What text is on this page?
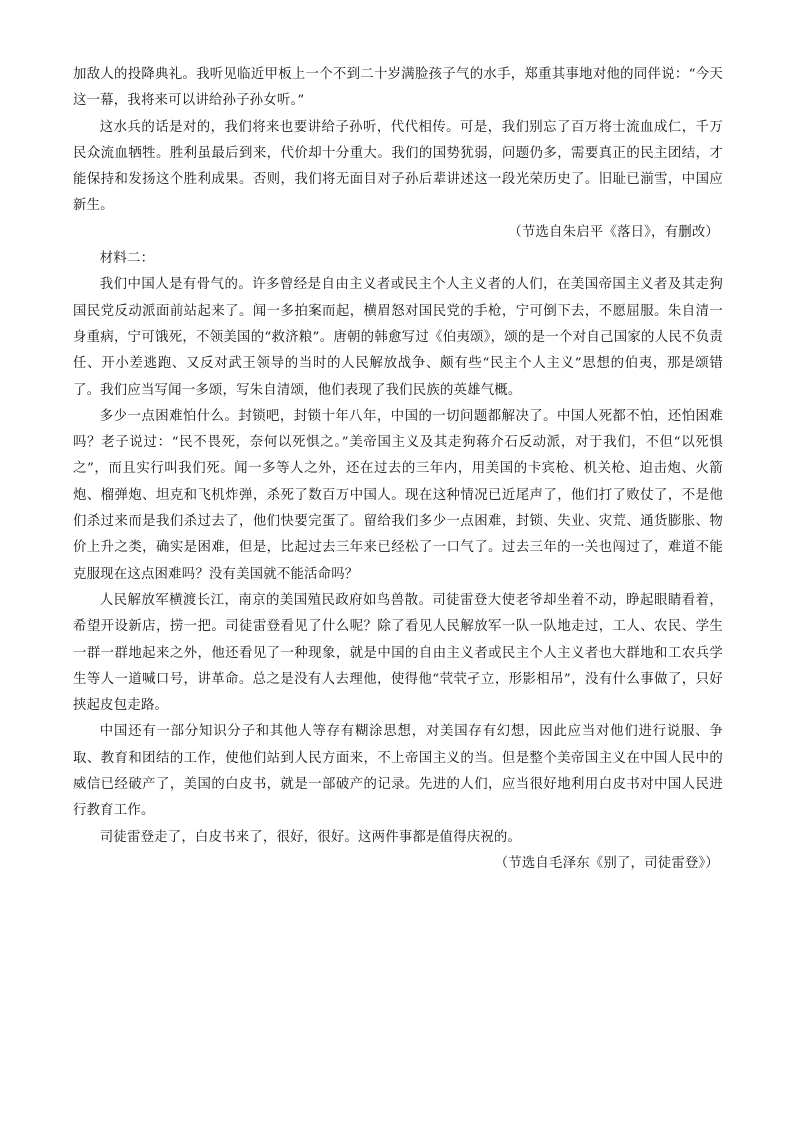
加敌人的投降典礼。我听见临近甲板上一个不到二十岁满脸孩子气的水手，郑重其事地对他的同伴说：“今天这一幕，我将来可以讲给孙子孙女听。”

这水兵的话是对的，我们将来也要讲给子孙听，代代相传。可是，我们别忘了百万将士流血成仁，千万民众流血牺牲。胜利虽最后到来，代价却十分重大。我们的国势犹弱，问题仍多，需要真正的民主团结，才能保持和发扬这个胜利成果。否则，我们将无面目对子孙后辈讲述这一段光荣历史了。旧耻已湔雪，中国应新生。

（节选自朱启平《落日》，有删改）

材料二：

我们中国人是有骨气的。许多曾经是自由主义者或民主个人主义者的人们，在美国帝国主义者及其走狗国民党反动派面前站起来了。闻一多拍案而起，横眉怒对国民党的手枪，宁可倒下去，不愿屈服。朱自清一身重病，宁可饿死，不领美国的“救济粮”。唐朝的韩愈写过《伯夷颂》，颂的是一个对自己国家的人民不负责任、开小差逃跑、又反对武王领导的当时的人民解放战争、颇有些“民主个人主义”思想的伯夷，那是颂错了。我们应当写闻一多颂，写朱自清颂，他们表现了我们民族的英雄气概。

多少一点困难怕什么。封锁吧，封锁十年八年，中国的一切问题都解决了。中国人死都不怕，还怕困难吗？老子说过：“民不畏死，奈何以死惧之。”美帝国主义及其走狗蒋介石反动派，对于我们，不但“以死惧之”，而且实行叫我们死。闻一多等人之外，还在过去的三年内，用美国的卡宾枪、机关枪、迫击炮、火箭炮、榴弹炮、坦克和飞机炸弹，杀死了数百万中国人。现在这种情况已近尾声了，他们打了败仗了，不是他们杀过来而是我们杀过去了，他们快要完蛋了。留给我们多少一点困难，封锁、失业、灾荒、通货膨胀、物价上升之类，确实是困难，但是，比起过去三年来已经松了一口气了。过去三年的一关也闯过了，难道不能克服现在这点困难吗？没有美国就不能活命吗？

人民解放军横渡长江，南京的美国殖民政府如鸟兽散。司徒雷登大使老爷却坐着不动，睁起眼睛看着，希望开设新店，捞一把。司徒雷登看见了什么呢？除了看见人民解放军一队一队地走过，工人、农民、学生一群一群地起来之外，他还看见了一种现象，就是中国的自由主义者或民主个人主义者也大群地和工农兵学生等人一道喊口号，讲革命。总之是没有人去理他，使得他“茕茕孑立，形影相吊”，没有什么事做了，只好挟起皮包走路。

中国还有一部分知识分子和其他人等存有糊涂思想，对美国存有幻想，因此应当对他们进行说服、争取、教育和团结的工作，使他们站到人民方面来，不上帝国主义的当。但是整个美帝国主义在中国人民中的威信已经破产了，美国的白皮书，就是一部破产的记录。先进的人们，应当很好地利用白皮书对中国人民进行教育工作。

司徒雷登走了，白皮书来了，很好，很好。这两件事都是值得庆祝的。

（节选自毛泽东《别了，司徒雷登》）
